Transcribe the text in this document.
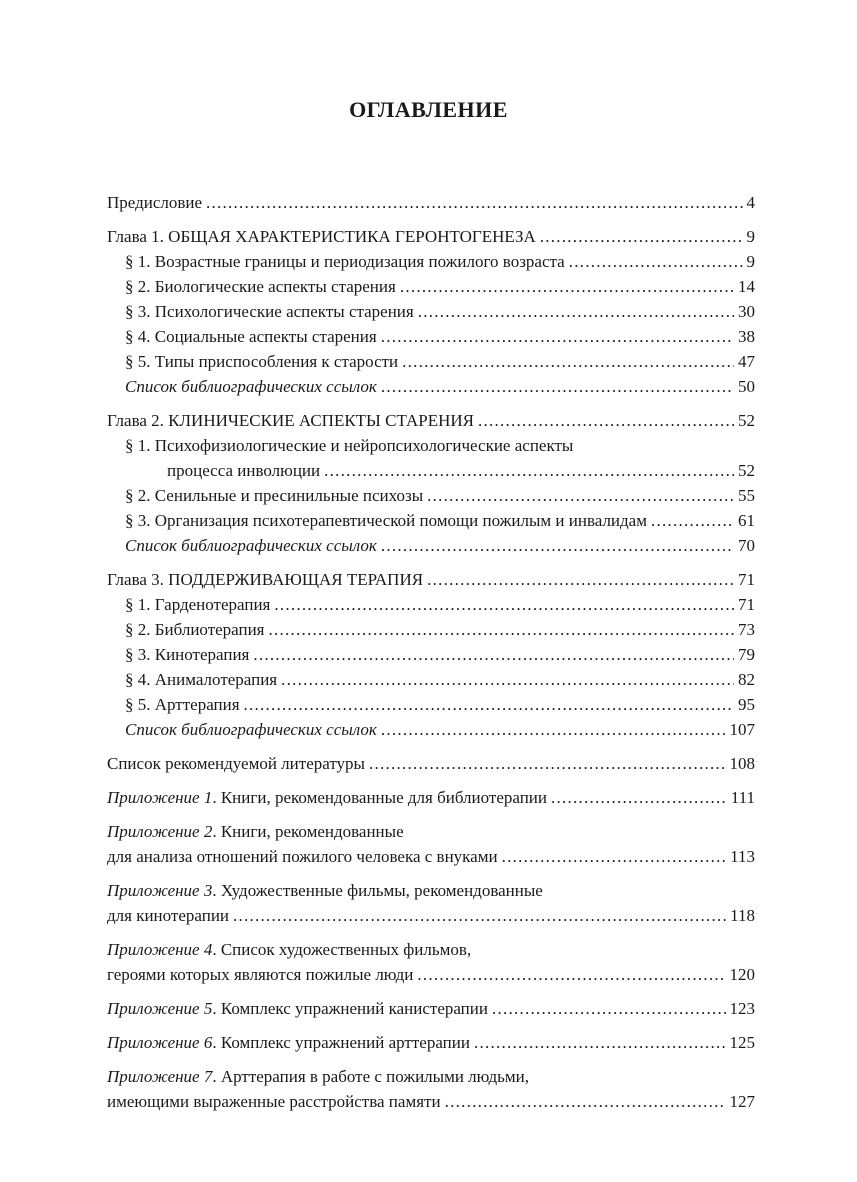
ОГЛАВЛЕНИЕ
Предисловие . . .	4
Глава 1. ОБЩАЯ ХАРАКТЕРИСТИКА ГЕРОНТОГЕНЕЗА . . .	9
§ 1. Возрастные границы и периодизация пожилого возраста . . .	9
§ 2. Биологические аспекты старения . . .	14
§ 3. Психологические аспекты старения . . .	30
§ 4. Социальные аспекты старения . . .	38
§ 5. Типы приспособления к старости . . .	47
Список библиографических ссылок . . .	50
Глава 2. КЛИНИЧЕСКИЕ АСПЕКТЫ СТАРЕНИЯ . . .	52
§ 1. Психофизиологические и нейропсихологические аспекты
процесса инволюции . . .	52
§ 2. Сенильные и пресинильные психозы . . .	55
§ 3. Организация психотерапевтической помощи пожилым и инвалидам . . .	61
Список библиографических ссылок . . .	70
Глава 3. ПОДДЕРЖИВАЮЩАЯ ТЕРАПИЯ . . .	71
§ 1. Гарденотерапия . . .	71
§ 2. Библиотерапия . . .	73
§ 3. Кинотерапия . . .	79
§ 4. Анималотерапия . . .	82
§ 5. Арттерапия . . .	95
Список библиографических ссылок . . .	107
Список рекомендуемой литературы . . .	108
Приложение 1. Книги, рекомендованные для библиотерапии . . .	111
Приложение 2. Книги, рекомендованные
для анализа отношений пожилого человека с внуками . . .	113
Приложение 3. Художественные фильмы, рекомендованные
для кинотерапии . . .	118
Приложение 4. Список художественных фильмов,
героями которых являются пожилые люди . . .	120
Приложение 5. Комплекс упражнений канистерапии . . .	123
Приложение 6. Комплекс упражнений арттерапии . . .	125
Приложение 7. Арттерапия в работе с пожилыми людьми,
имеющими выраженные расстройства памяти . . .	127
